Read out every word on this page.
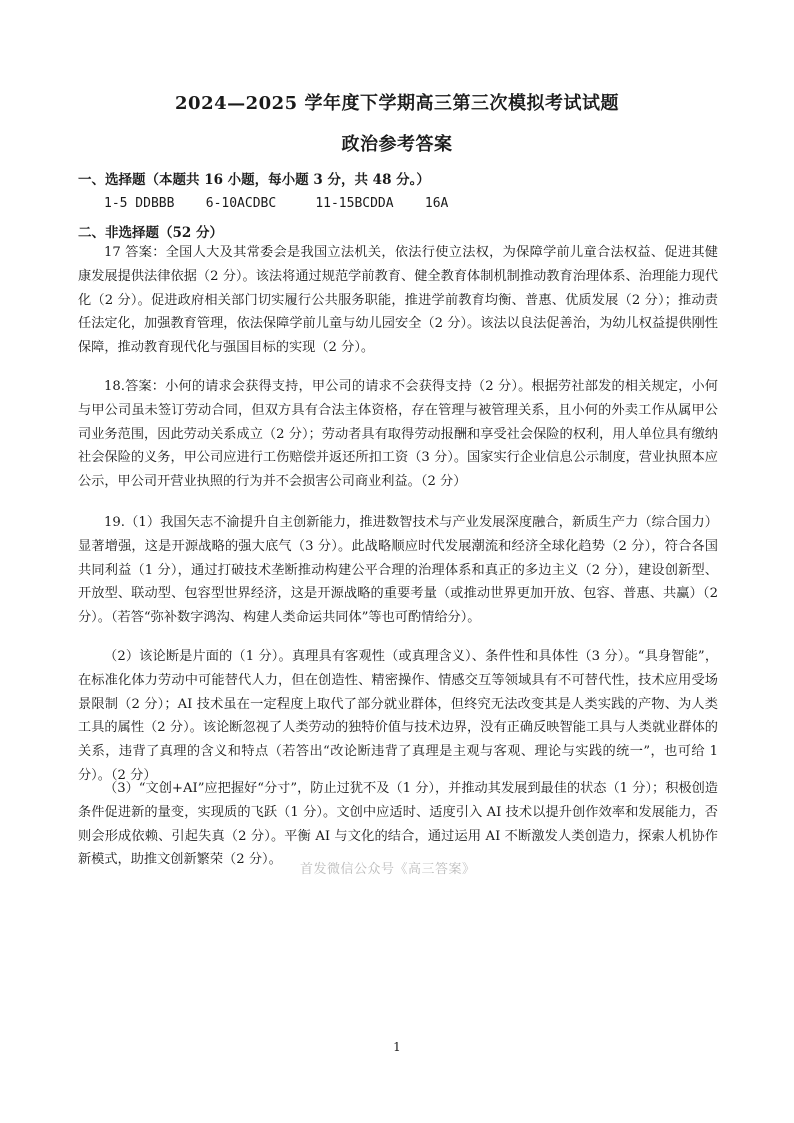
2024—2025 学年度下学期高三第三次模拟考试试题
政治参考答案
一、选择题（本题共 16 小题，每小题 3 分，共 48 分。）
1-5 DDBBB    6-10ACDBC     11-15BCDDA    16A
二、非选择题（52 分）
17 答案：全国人大及其常委会是我国立法机关，依法行使立法权，为保障学前儿童合法权益、促进其健康发展提供法律依据（2 分）。该法将通过规范学前教育、健全教育体制机制推动教育治理体系、治理能力现代化（2 分）。促进政府相关部门切实履行公共服务职能，推进学前教育均衡、普惠、优质发展（2 分）；推动责任法定化，加强教育管理，依法保障学前儿童与幼儿园安全（2 分）。该法以良法促善治，为幼儿权益提供刚性保障，推动教育现代化与强国目标的实现（2 分）。
18.答案：小何的请求会获得支持，甲公司的请求不会获得支持（2 分）。根据劳社部发的相关规定，小何与甲公司虽未签订劳动合同，但双方具有合法主体资格，存在管理与被管理关系，且小何的外卖工作从属甲公司业务范围，因此劳动关系成立（2 分）；劳动者具有取得劳动报酬和享受社会保险的权利，用人单位具有缴纳社会保险的义务，甲公司应进行工伤赔偿并返还所扣工资（3 分）。国家实行企业信息公示制度，营业执照本应公示，甲公司开营业执照的行为并不会损害公司商业利益。（2 分）
19.（1）我国矢志不渝提升自主创新能力，推进数智技术与产业发展深度融合，新质生产力（综合国力）显著增强，这是开源战略的强大底气（3 分）。此战略顺应时代发展潮流和经济全球化趋势（2 分），符合各国共同利益（1 分），通过打破技术垄断推动构建公平合理的治理体系和真正的多边主义（2 分），建设创新型、开放型、联动型、包容型世界经济，这是开源战略的重要考量（或推动世界更加开放、包容、普惠、共赢）（2 分）。（若答“弥补数字鸿沟、构建人类命运共同体”等也可酌情给分）。
（2）该论断是片面的（1 分）。真理具有客观性（或真理含义）、条件性和具体性（3 分）。“具身智能”，在标准化体力劳动中可能替代人力，但在创造性、精密操作、情感交互等领域具有不可替代性，技术应用受场景限制（2 分）；AI 技术虽在一定程度上取代了部分就业群体，但终究无法改变其是人类实践的产物、为人类工具的属性（2 分）。该论断忽视了人类劳动的独特价值与技术边界，没有正确反映智能工具与人类就业群体的关系，违背了真理的含义和特点（若答出“改论断违背了真理是主观与客观、理论与实践的统一”，也可给 1 分）。（2 分）
（3）“文创+AI”应把握好“分寸”，防止过犹不及（1 分），并推动其发展到最佳的状态（1 分）；积极创造条件促进新的量变，实现质的飞跃（1 分）。文创中应适时、适度引入 AI 技术以提升创作效率和发展能力，否则会形成依赖、引起失真（2 分）。平衡 AI 与文化的结合，通过运用 AI 不断激发人类创造力，探索人机协作新模式，助推文创新繁荣（2 分）。
首发微信公众号《高三答案》
1
